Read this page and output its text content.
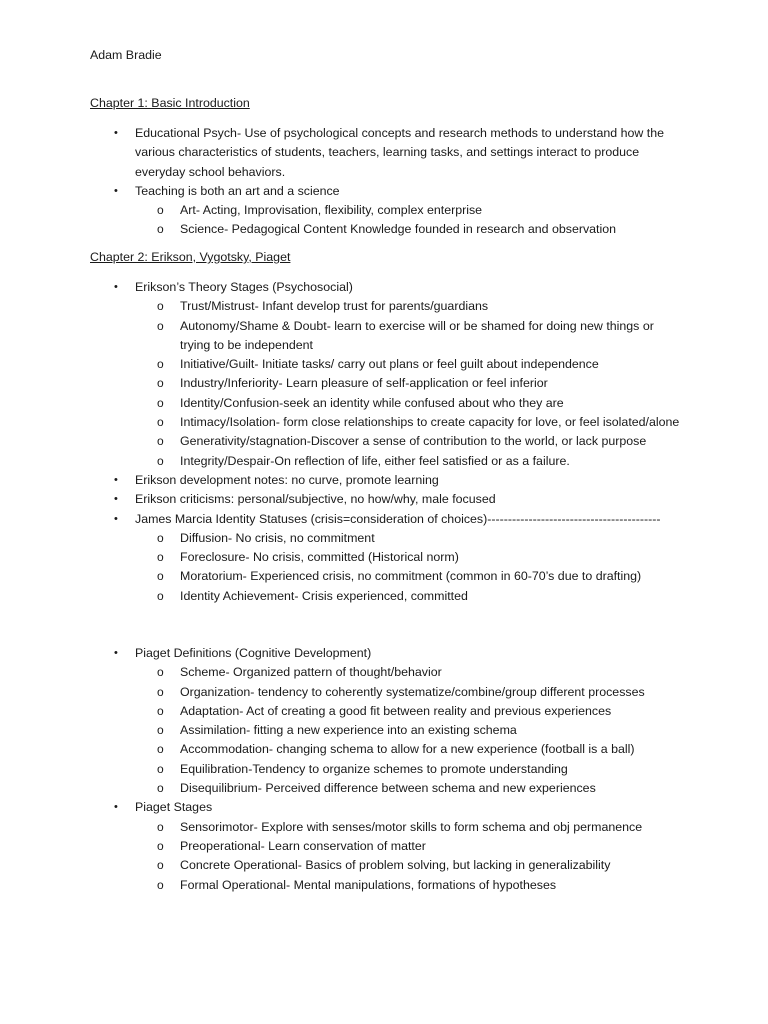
Adam Bradie
Chapter 1: Basic Introduction
• Educational Psych- Use of psychological concepts and research methods to understand how the various characteristics of students, teachers, learning tasks, and settings interact to produce everyday school behaviors.
• Teaching is both an art and a science
o Art- Acting, Improvisation, flexibility, complex enterprise
o Science- Pedagogical Content Knowledge founded in research and observation
Chapter 2: Erikson, Vygotsky, Piaget
• Erikson’s Theory Stages (Psychosocial)
o Trust/Mistrust- Infant develop trust for parents/guardians
o Autonomy/Shame & Doubt- learn to exercise will or be shamed for doing new things or trying to be independent
o Initiative/Guilt- Initiate tasks/ carry out plans or feel guilt about independence
o Industry/Inferiority- Learn pleasure of self-application or feel inferior
o Identity/Confusion-seek an identity while confused about who they are
o Intimacy/Isolation- form close relationships to create capacity for love, or feel isolated/alone
o Generativity/stagnation-Discover a sense of contribution to the world, or lack purpose
o Integrity/Despair-On reflection of life, either feel satisfied or as a failure.
• Erikson development notes: no curve, promote learning
• Erikson criticisms: personal/subjective, no how/why, male focused
• James Marcia Identity Statuses (crisis=consideration of choices)------------------------------------------
o Diffusion- No crisis, no commitment
o Foreclosure- No crisis, committed (Historical norm)
o Moratorium- Experienced crisis, no commitment (common in 60-70’s due to drafting)
o Identity Achievement- Crisis experienced, committed
• Piaget Definitions (Cognitive Development)
o Scheme- Organized pattern of thought/behavior
o Organization- tendency to coherently systematize/combine/group different processes
o Adaptation- Act of creating a good fit between reality and previous experiences
o Assimilation- fitting a new experience into an existing schema
o Accommodation- changing schema to allow for a new experience (football is a ball)
o Equilibration-Tendency to organize schemes to promote understanding
o Disequilibrium- Perceived difference between schema and new experiences
• Piaget Stages
o Sensorimotor- Explore with senses/motor skills to form schema and obj permanence
o Preoperational- Learn conservation of matter
o Concrete Operational- Basics of problem solving, but lacking in generalizability
o Formal Operational- Mental manipulations, formations of hypotheses
